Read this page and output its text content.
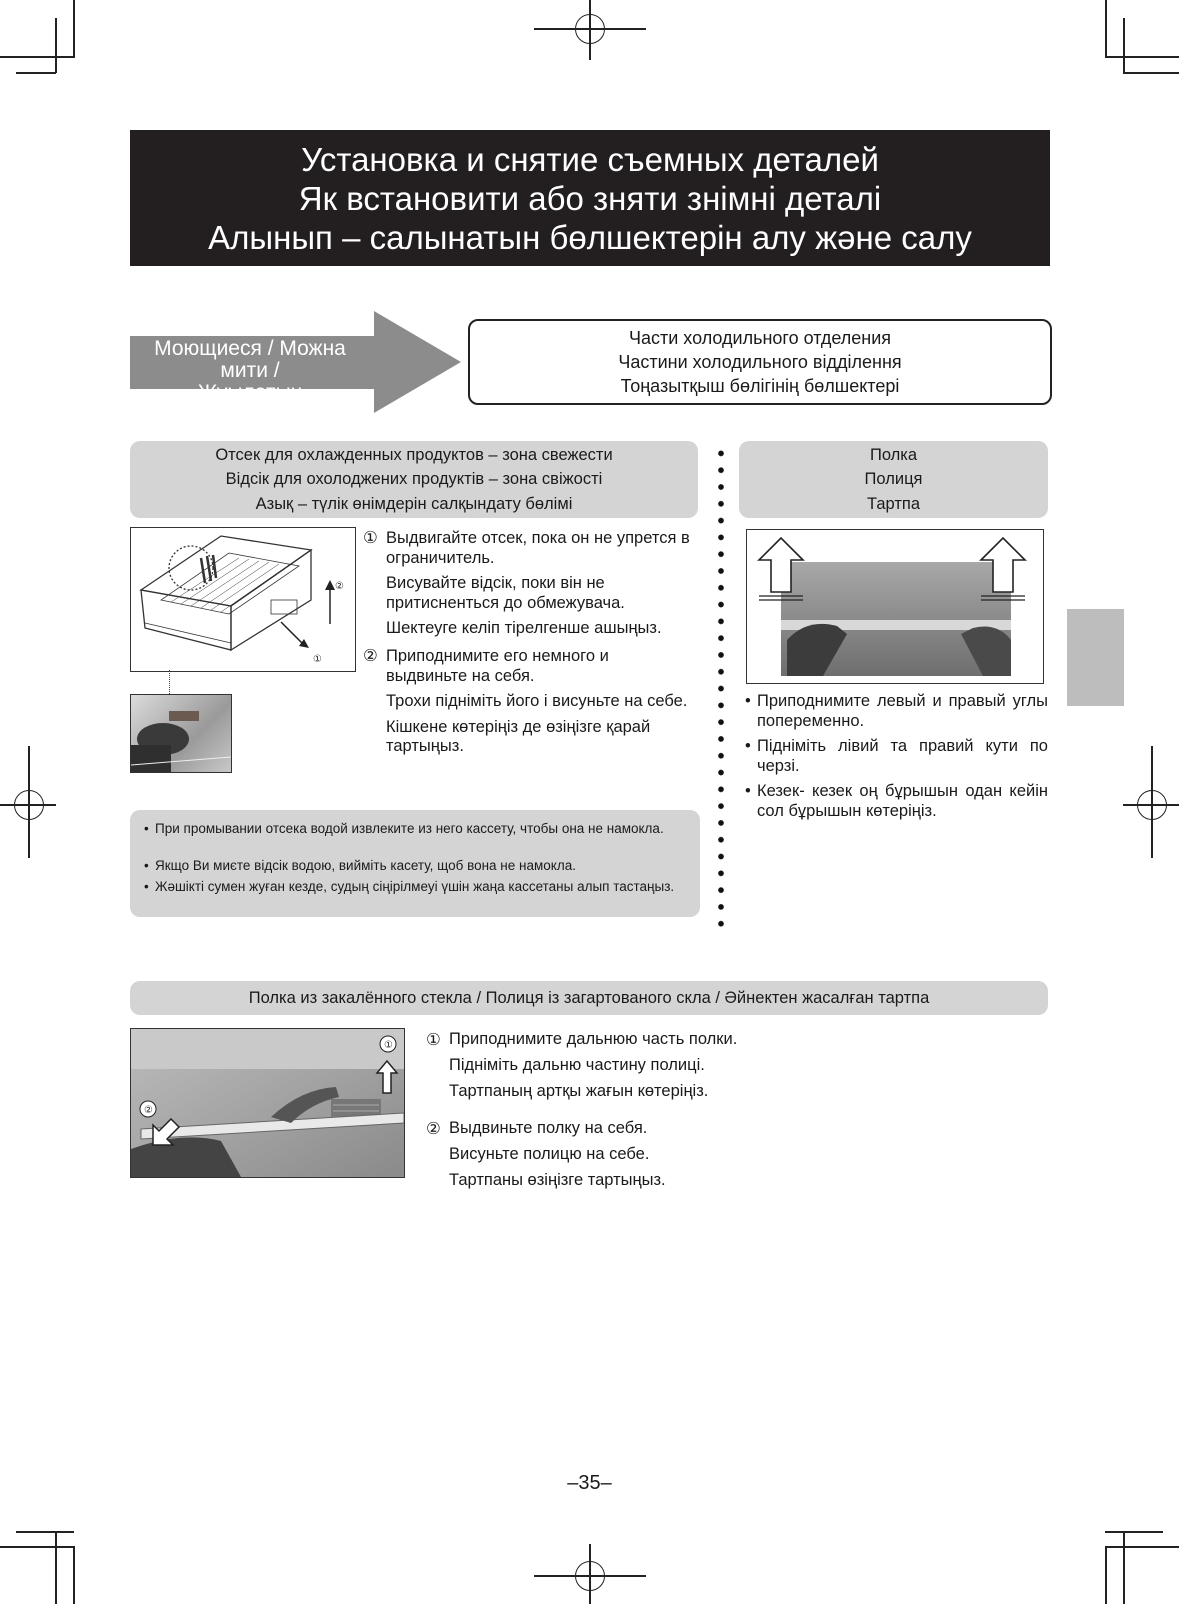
Установка и снятие съемных деталей
Як встановити або зняти знімні деталі
Алынып – салынатын бөлшектерін алу және салу
Моющиеся / Можна мити /
Жуылатын
Части холодильного отделения
Частини холодильного відділення
Тоңазытқыш бөлігінің бөлшектері
Отсек для охлажденных продуктов – зона свежести
Відсік для охолоджених продуктів – зона свіжості
Азық – түлік өнімдерін салқындату бөлімі
②
①
① Выдвигайте отсек, пока он не упрется в ограничитель.

Висувайте відсік, поки він не притисненться до обмежувача.

Шектеуге келіп тірелгенше ашыңыз.

② Приподнимите его немного и выдвиньте на себя.

Трохи підніміть його і висуньте на себе.

Кішкене көтеріңіз де өзіңізге қарай тартыңыз.

• При промывании отсека водой извлеките из него кассету, чтобы она не намокла.
• Якщо Ви миєте відсік водою, вийміть касету, щоб вона не намокла.
• Жәшікті сумен жуған кезде, судың сіңірілмеуі үшін жаңа кассетаны алып тастаңыз.
Полка
Полиця
Тартпа
• Приподнимите левый и правый углы попеременно.
• Підніміть лівий та правий кути по черзі.
• Кезек- кезек оң бұрышын одан кейін сол бұрышын көтеріңіз.
Полка из закалённого стекла / Полиця із загартованого скла / Әйнектен жасалған тартпа
①
②
① Приподнимите дальнюю часть полки.
Підніміть дальню частину полиці.
Тартпаның артқы жағын көтеріңіз.
② Выдвиньте полку на себя.
Висуньте полицю на себе.
Тартпаны өзіңізге тартыңыз.
–35–
